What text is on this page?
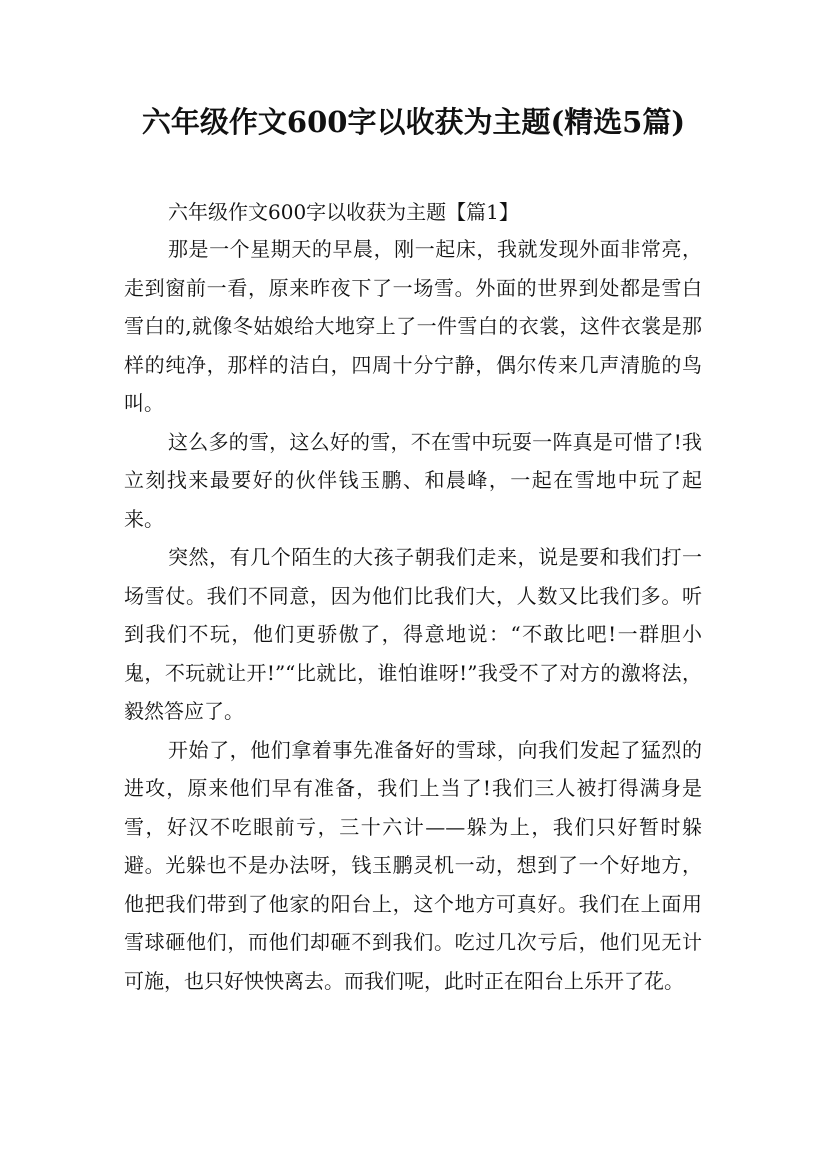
六年级作文600字以收获为主题(精选5篇)
六年级作文600字以收获为主题【篇1】

那是一个星期天的早晨，刚一起床，我就发现外面非常亮，走到窗前一看，原来昨夜下了一场雪。外面的世界到处都是雪白雪白的,就像冬姑娘给大地穿上了一件雪白的衣裳，这件衣裳是那样的纯净，那样的洁白，四周十分宁静，偶尔传来几声清脆的鸟叫。

这么多的雪，这么好的雪，不在雪中玩耍一阵真是可惜了!我立刻找来最要好的伙伴钱玉鹏、和晨峰，一起在雪地中玩了起来。

突然，有几个陌生的大孩子朝我们走来，说是要和我们打一场雪仗。我们不同意，因为他们比我们大，人数又比我们多。听到我们不玩，他们更骄傲了，得意地说：“不敢比吧!一群胆小鬼，不玩就让开!”“比就比，谁怕谁呀!”我受不了对方的激将法，毅然答应了。

开始了，他们拿着事先准备好的雪球，向我们发起了猛烈的进攻，原来他们早有准备，我们上当了!我们三人被打得满身是雪，好汉不吃眼前亏，三十六计——躲为上，我们只好暂时躲避。光躲也不是办法呀，钱玉鹏灵机一动，想到了一个好地方，他把我们带到了他家的阳台上，这个地方可真好。我们在上面用雪球砸他们，而他们却砸不到我们。吃过几次亏后，他们见无计可施，也只好怏怏离去。而我们呢，此时正在阳台上乐开了花。
